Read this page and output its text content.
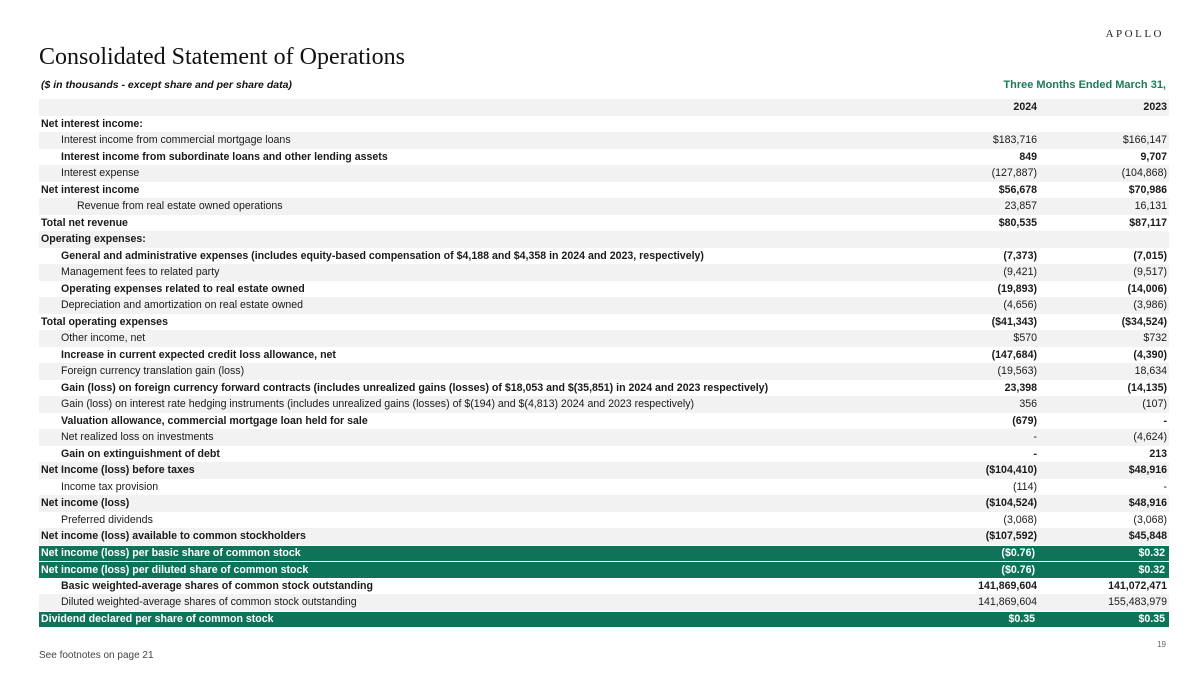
APOLLO
Consolidated Statement of Operations
($ in thousands - except share and per share data)	Three Months Ended March 31,
2024	2023
Net interest income:
Interest income from commercial mortgage loans	$183,716	$166,147
Interest income from subordinate loans and other lending assets	849	9,707
Interest expense	(127,887)	(104,868)
Net interest income	$56,678	$70,986
Revenue from real estate owned operations	23,857	16,131
Total net revenue	$80,535	$87,117
Operating expenses:
General and administrative expenses (includes equity-based compensation of $4,188 and $4,358 in 2024 and 2023, respectively)	(7,373)	(7,015)
Management fees to related party	(9,421)	(9,517)
Operating expenses related to real estate owned	(19,893)	(14,006)
Depreciation and amortization on real estate owned	(4,656)	(3,986)
Total operating expenses	($41,343)	($34,524)
Other income, net	$570	$732
Increase in current expected credit loss allowance, net	(147,684)	(4,390)
Foreign currency translation gain (loss)	(19,563)	18,634
Gain (loss) on foreign currency forward contracts (includes unrealized gains (losses) of $18,053 and $(35,851) in 2024 and 2023 respectively)	23,398	(14,135)
Gain (loss) on interest rate hedging instruments (includes unrealized gains (losses) of $(194) and $(4,813) 2024 and 2023 respectively)	356	(107)
Valuation allowance, commercial mortgage loan held for sale	(679)	-
Net realized loss on investments	-	(4,624)
Gain on extinguishment of debt	-	213
Net Income (loss) before taxes	($104,410)	$48,916
Income tax provision	(114)	-
Net income (loss)	($104,524)	$48,916
Preferred dividends	(3,068)	(3,068)
Net income (loss) available to common stockholders	($107,592)	$45,848
Net income (loss) per basic share of common stock	($0.76)	$0.32
Net income (loss) per diluted share of common stock	($0.76)	$0.32
Basic weighted-average shares of common stock outstanding	141,869,604	141,072,471
Diluted weighted-average shares of common stock outstanding	141,869,604	155,483,979
Dividend declared per share of common stock	$0.35	$0.35
See footnotes on page 21
19
